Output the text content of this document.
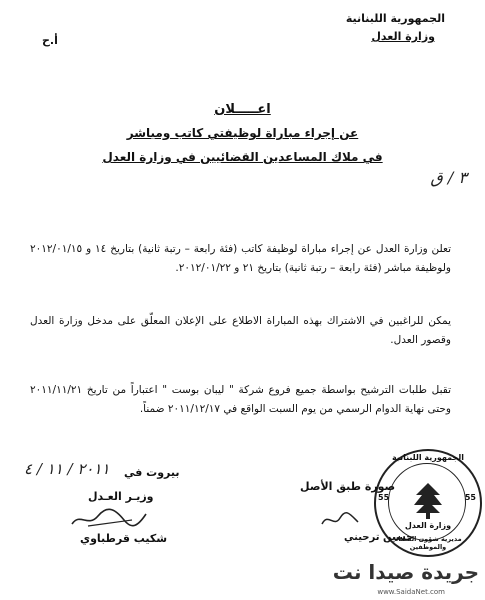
الجمهورية اللبنانية
وزارة العدل
أ.ح
اعـــــلان
عن إجراء مباراة لوظيفتي كاتب ومباشر
في ملاك المساعدين القضائيين في وزارة العدل
٣ / ق
تعلن وزارة العدل عن إجراء مباراة لوظيفة كاتب (فئة رابعة – رتبة ثانية) بتاريخ ١٤ و ٢٠١٢/٠١/١٥ ولوظيفة مباشر (فئة رابعة – رتبة ثانية) بتاريخ ٢١ و ٢٠١٢/٠١/٢٢.
يمكن للراغبين في الاشتراك بهذه المباراة الاطلاع على الإعلان المعلّق على مدخل وزارة العدل وقصور العدل.
تقبل طلبات الترشيح بواسطة جميع فروع شركة " ليبان بوست " اعتباراً من تاريخ ٢٠١١/١١/٢١ وحتى نهاية الدوام الرسمي من يوم السبت الواقع في ٢٠١١/١٢/١٧ ضمناً.
الجمهورية اللبنانية
55	55
وزارة العدل
مديرية شؤون القضاة والموظفين
صورة طبق الأصل
حسين ترحيني
بيروت في
٢٠١١ / ١١ / ٤
وزيـر العـدل
شكيب قرطباوي
جريدة صيدا نت
www.SaidaNet.com
